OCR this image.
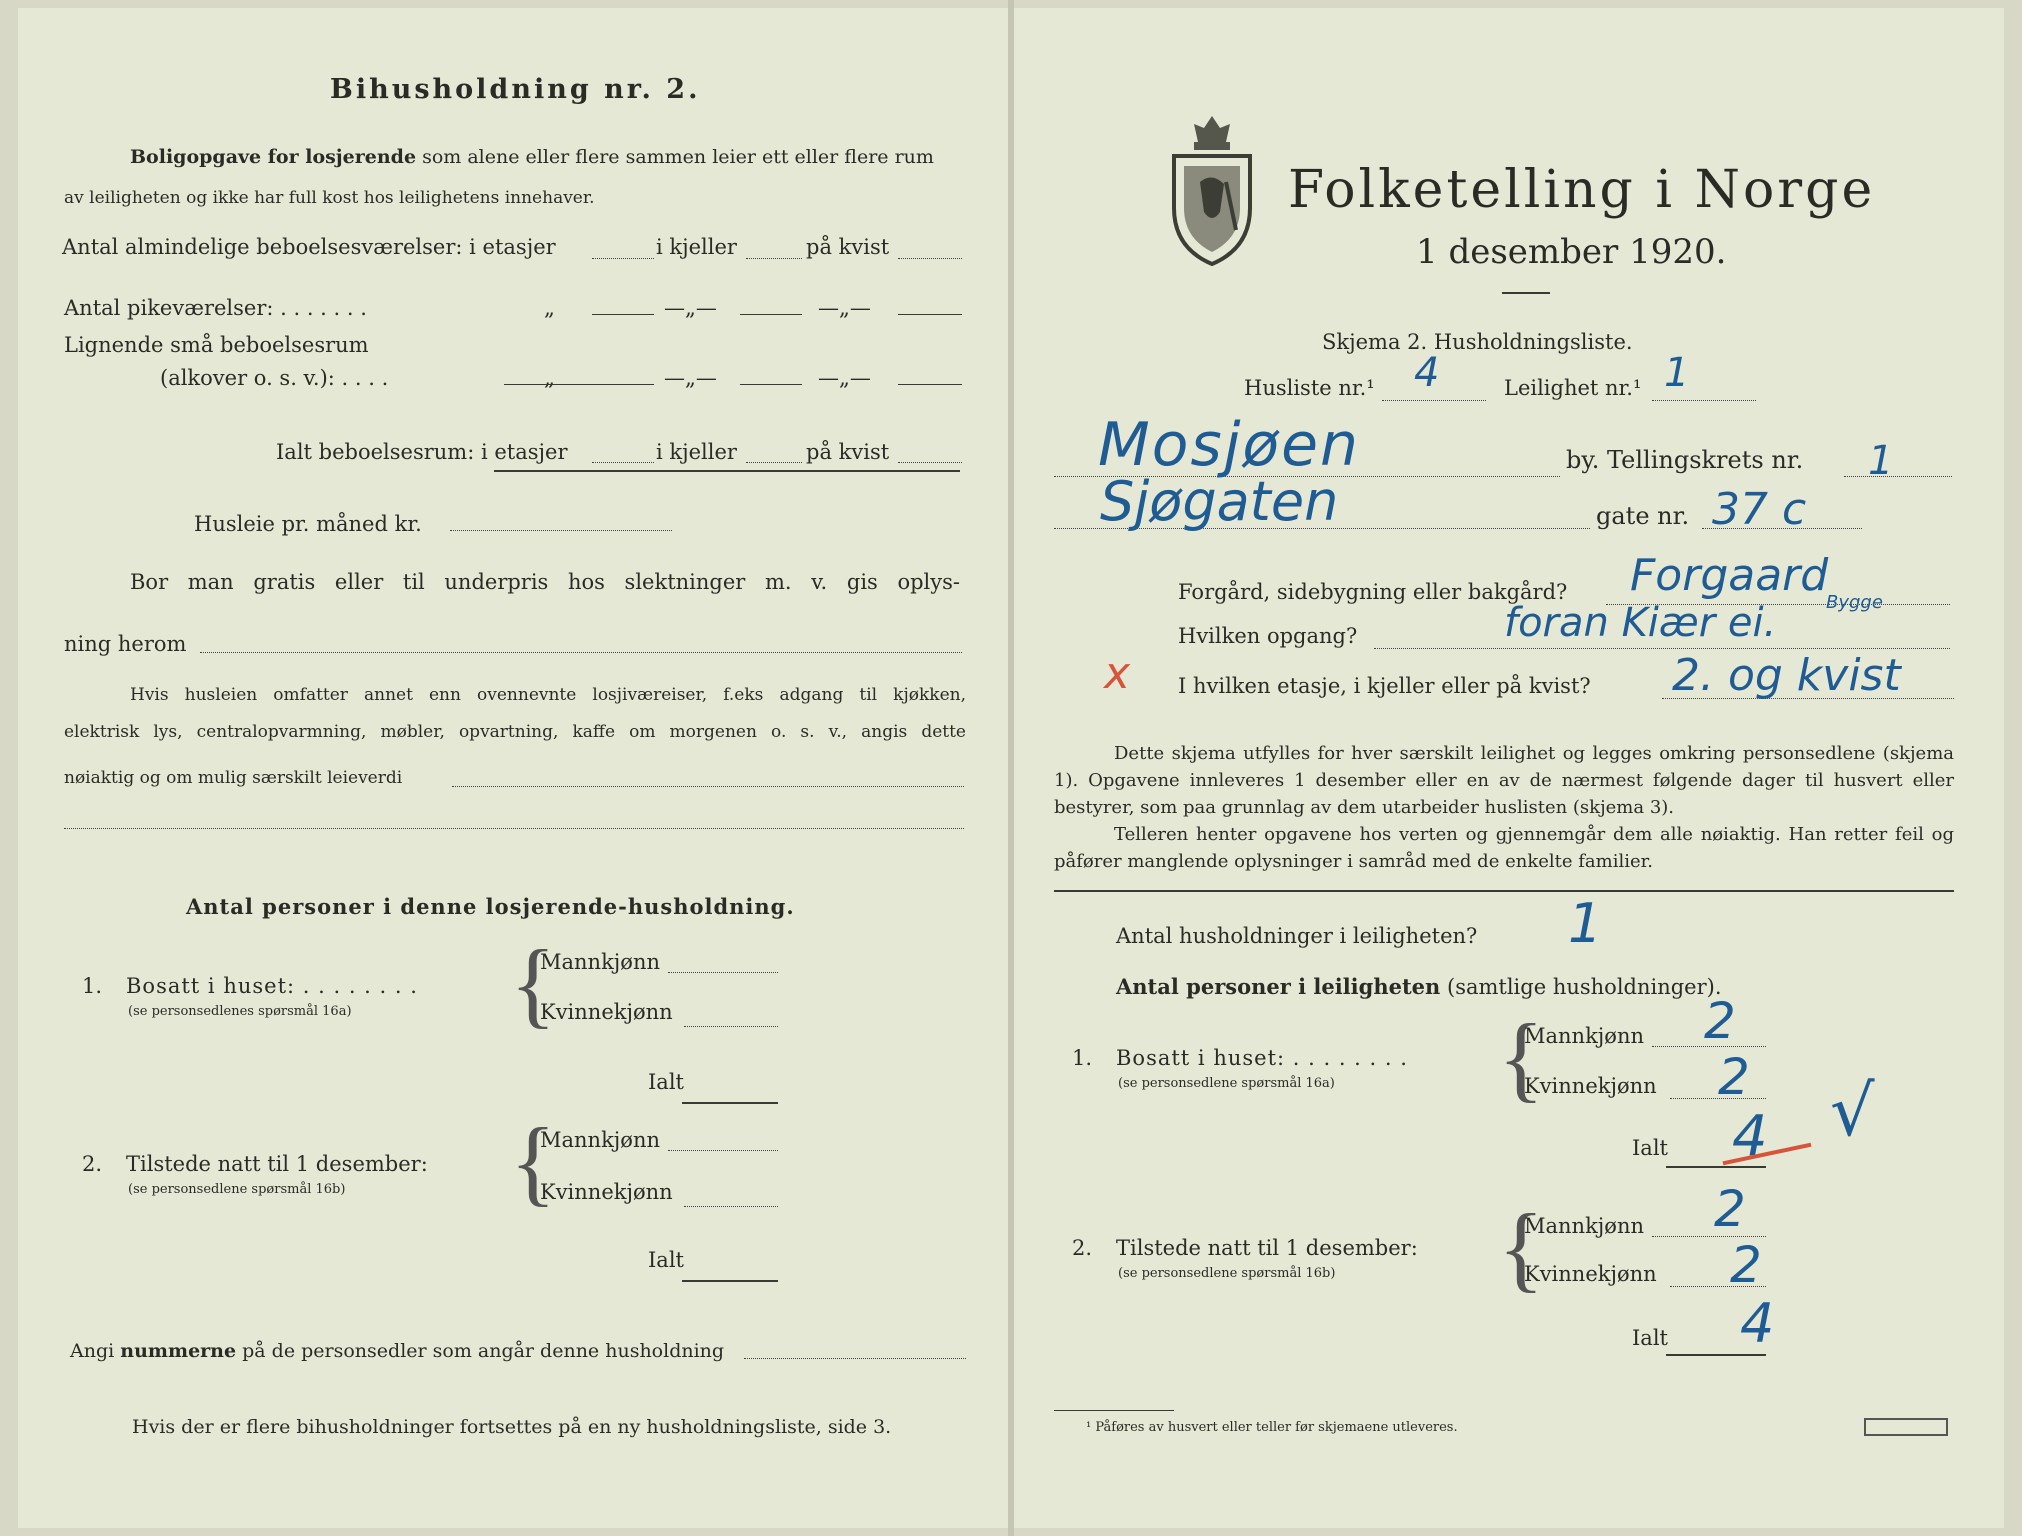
Bihusholdning nr. 2.
Boligopgave for losjerende som alene eller flere sammen leier ett eller flere rum
av leiligheten og ikke har full kost hos leilighetens innehaver.
Antal almindelige beboelsesværelser: i etasjer	i kjeller	på kvist
Antal pikeværelser: . . . . . . .	„	—„—	—„—
Lignende små beboelsesrum
(alkover o. s. v.): . . . .	„	—„—	—„—
Ialt beboelsesrum: i etasjer	i kjeller	på kvist
Husleie pr. måned kr.
Bor man gratis eller til underpris hos slektninger m. v. gis oplys-
ning herom
Hvis husleien omfatter annet enn ovennevnte losjiværeiser, f.eks adgang til kjøkken,
elektrisk lys, centralopvarmning, møbler, opvartning, kaffe om morgenen o. s. v., angis dette
nøiaktig og om mulig særskilt leieverdi
Antal personer i denne losjerende-husholdning.
1. Bosatt i huset: . . . . . . . .
(se personsedlenes spørsmål 16a) {
Mannkjønn
Kvinnekjønn
Ialt
2. Tilstede natt til 1 desember:
(se personsedlene spørsmål 16b) {
Mannkjønn
Kvinnekjønn
Ialt
Angi nummerne på de personsedler som angår denne husholdning
Hvis der er flere bihusholdninger fortsettes på en ny husholdningsliste, side 3.
Folketelling i Norge
1 desember 1920.
Skjema 2. Husholdningsliste.
Husliste nr.¹ 4	Leilighet nr.¹ 1
Mosjøen	by. Tellingskrets nr. 1
Sjøgaten	gate nr. 37 c
Forgård, sidebygning eller bakgård? Forgaard
Bygge
Hvilken opgang?	foran Kiær ei.
x I hvilken etasje, i kjeller eller på kvist? 2. og kvist
Dette skjema utfylles for hver særskilt leilighet og legges omkring personsedlene (skjema 1). Opgavene innleveres 1 desember eller en av de nærmest følgende dager til husvert eller bestyrer, som paa grunnlag av dem utarbeider huslisten (skjema 3).
Telleren henter opgavene hos verten og gjennemgår dem alle nøiaktig. Han retter feil og påfører manglende oplysninger i samråd med de enkelte familier.
Antal husholdninger i leiligheten? 1
Antal personer i leiligheten (samtlige husholdninger).
1. Bosatt i huset: . . . . . . . .
(se personsedlene spørsmål 16a) {
Mannkjønn 2
Kvinnekjønn 2
Ialt 4 √
2. Tilstede natt til 1 desember:
(se personsedlene spørsmål 16b) {
Mannkjønn 2
Kvinnekjønn 2
Ialt 4
¹ Påføres av husvert eller teller før skjemaene utleveres.
